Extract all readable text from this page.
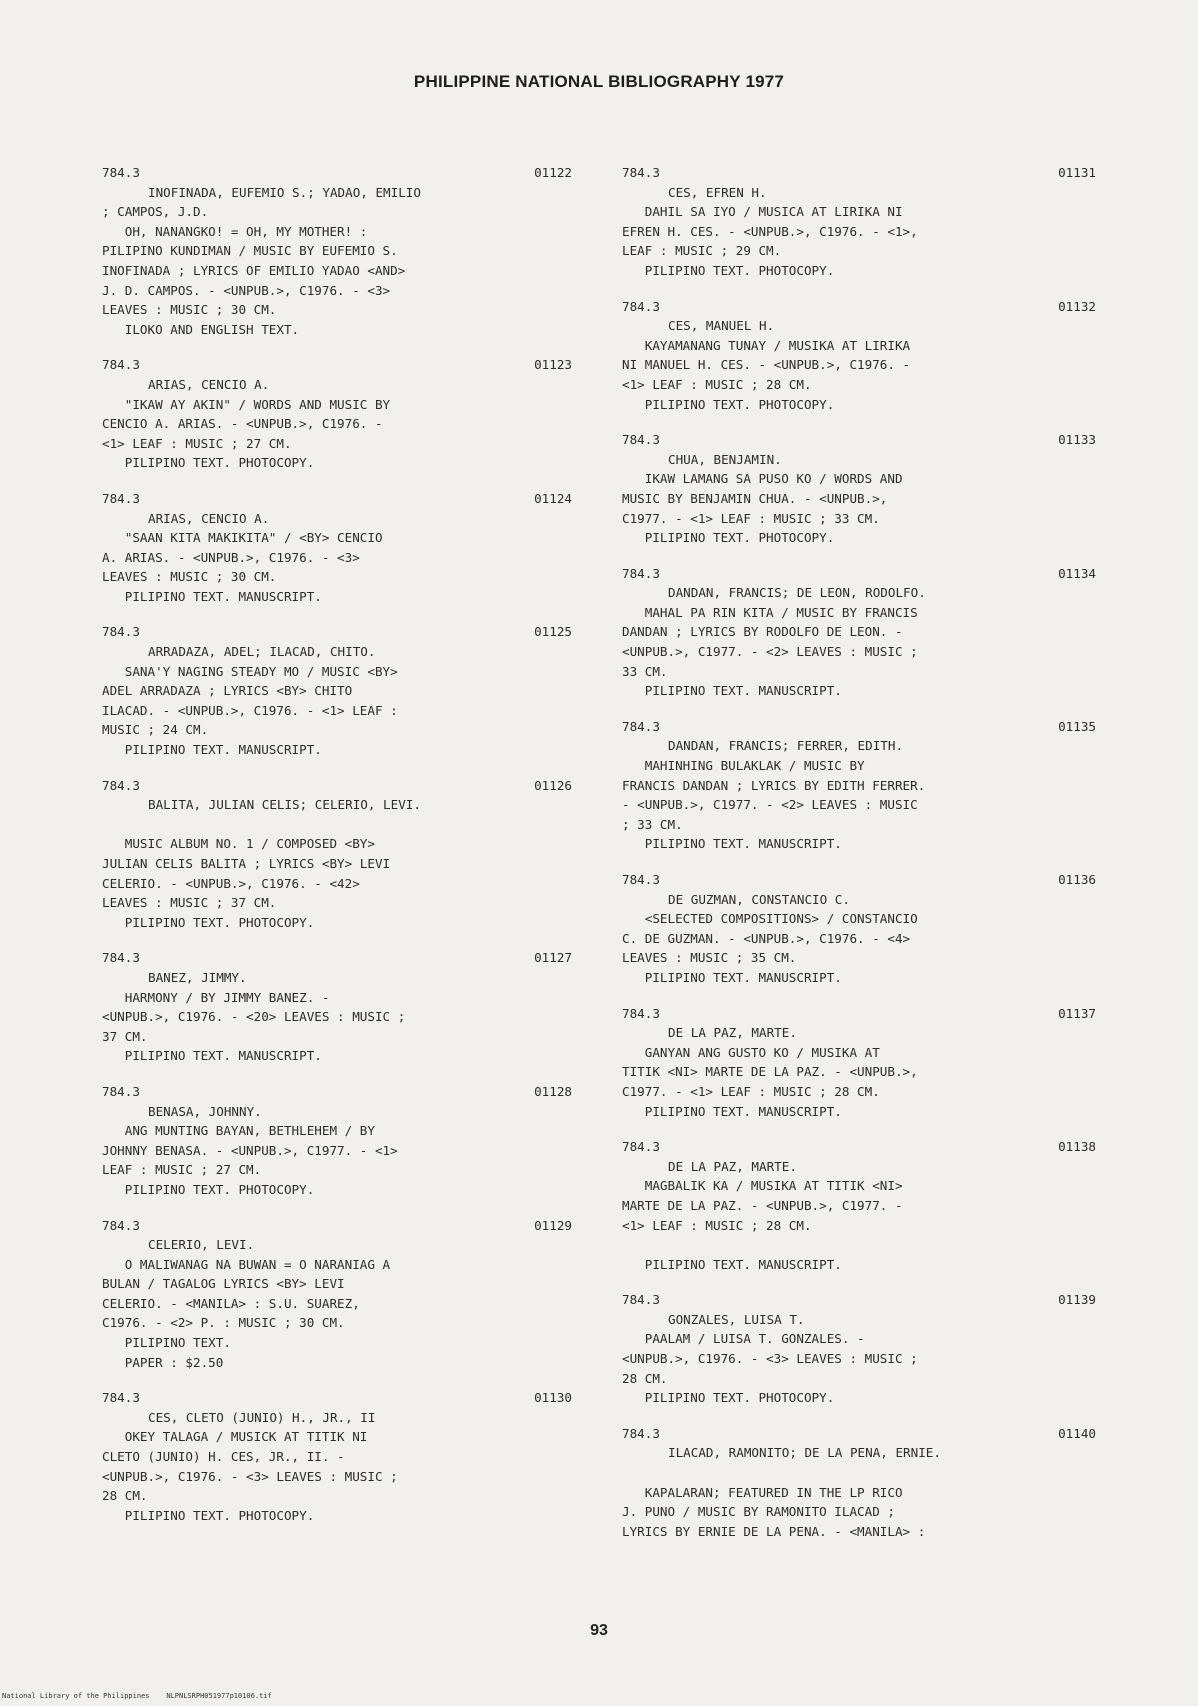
PHILIPPINE NATIONAL BIBLIOGRAPHY 1977
784.3	01122
INOFINADA, EUFEMIO S.; YADAO, EMILIO
; CAMPOS, J.D.
OH, NANANGKO! = OH, MY MOTHER! :
PILIPINO KUNDIMAN / MUSIC BY EUFEMIO S.
INOFINADA ; LYRICS OF EMILIO YADAO <AND>
J. D. CAMPOS. - <UNPUB.>, C1976. - <3>
LEAVES : MUSIC ; 30 CM.
ILOKO AND ENGLISH TEXT.
784.3	01123
ARIAS, CENCIO A.
"IKAW AY AKIN" / WORDS AND MUSIC BY
CENCIO A. ARIAS. - <UNPUB.>, C1976. -
<1> LEAF : MUSIC ; 27 CM.
PILIPINO TEXT. PHOTOCOPY.
784.3	01124
ARIAS, CENCIO A.
"SAAN KITA MAKIKITA" / <BY> CENCIO
A. ARIAS. - <UNPUB.>, C1976. - <3>
LEAVES : MUSIC ; 30 CM.
PILIPINO TEXT. MANUSCRIPT.
784.3	01125
ARRADAZA, ADEL; ILACAD, CHITO.
SANA'Y NAGING STEADY MO / MUSIC <BY>
ADEL ARRADAZA ; LYRICS <BY> CHITO
ILACAD. - <UNPUB.>, C1976. - <1> LEAF :
MUSIC ; 24 CM.
PILIPINO TEXT. MANUSCRIPT.
784.3	01126
BALITA, JULIAN CELIS; CELERIO, LEVI.
MUSIC ALBUM NO. 1 / COMPOSED <BY>
JULIAN CELIS BALITA ; LYRICS <BY> LEVI
CELERIO. - <UNPUB.>, C1976. - <42>
LEAVES : MUSIC ; 37 CM.
PILIPINO TEXT. PHOTOCOPY.
784.3	01127
BANEZ, JIMMY.
HARMONY / BY JIMMY BANEZ. -
<UNPUB.>, C1976. - <20> LEAVES : MUSIC ;
37 CM.
PILIPINO TEXT. MANUSCRIPT.
784.3	01128
BENASA, JOHNNY.
ANG MUNTING BAYAN, BETHLEHEM / BY
JOHNNY BENASA. - <UNPUB.>, C1977. - <1>
LEAF : MUSIC ; 27 CM.
PILIPINO TEXT. PHOTOCOPY.
784.3	01129
CELERIO, LEVI.
O MALIWANAG NA BUWAN = O NARANIAG A
BULAN / TAGALOG LYRICS <BY> LEVI
CELERIO. - <MANILA> : S.U. SUAREZ,
C1976. - <2> P. : MUSIC ; 30 CM.
PILIPINO TEXT.
PAPER : $2.50
784.3	01130
CES, CLETO (JUNIO) H., JR., II
OKEY TALAGA / MUSICK AT TITIK NI
CLETO (JUNIO) H. CES, JR., II. -
<UNPUB.>, C1976. - <3> LEAVES : MUSIC ;
28 CM.
PILIPINO TEXT. PHOTOCOPY.
784.3	01131
CES, EFREN H.
DAHIL SA IYO / MUSICA AT LIRIKA NI
EFREN H. CES. - <UNPUB.>, C1976. - <1>,
LEAF : MUSIC ; 29 CM.
PILIPINO TEXT. PHOTOCOPY.
784.3	01132
CES, MANUEL H.
KAYAMANANG TUNAY / MUSIKA AT LIRIKA
NI MANUEL H. CES. - <UNPUB.>, C1976. -
<1> LEAF : MUSIC ; 28 CM.
PILIPINO TEXT. PHOTOCOPY.
784.3	01133
CHUA, BENJAMIN.
IKAW LAMANG SA PUSO KO / WORDS AND
MUSIC BY BENJAMIN CHUA. - <UNPUB.>,
C1977. - <1> LEAF : MUSIC ; 33 CM.
PILIPINO TEXT. PHOTOCOPY.
784.3	01134
DANDAN, FRANCIS; DE LEON, RODOLFO.
MAHAL PA RIN KITA / MUSIC BY FRANCIS
DANDAN ; LYRICS BY RODOLFO DE LEON. -
<UNPUB.>, C1977. - <2> LEAVES : MUSIC ;
33 CM.
PILIPINO TEXT. MANUSCRIPT.
784.3	01135
DANDAN, FRANCIS; FERRER, EDITH.
MAHINHING BULAKLAK / MUSIC BY
FRANCIS DANDAN ; LYRICS BY EDITH FERRER.
- <UNPUB.>, C1977. - <2> LEAVES : MUSIC
; 33 CM.
PILIPINO TEXT. MANUSCRIPT.
784.3	01136
DE GUZMAN, CONSTANCIO C.
<SELECTED COMPOSITIONS> / CONSTANCIO
C. DE GUZMAN. - <UNPUB.>, C1976. - <4>
LEAVES : MUSIC ; 35 CM.
PILIPINO TEXT. MANUSCRIPT.
784.3	01137
DE LA PAZ, MARTE.
GANYAN ANG GUSTO KO / MUSIKA AT
TITIK <NI> MARTE DE LA PAZ. - <UNPUB.>,
C1977. - <1> LEAF : MUSIC ; 28 CM.
PILIPINO TEXT. MANUSCRIPT.
784.3	01138
DE LA PAZ, MARTE.
MAGBALIK KA / MUSIKA AT TITIK <NI>
MARTE DE LA PAZ. - <UNPUB.>, C1977. -
<1> LEAF : MUSIC ; 28 CM.
PILIPINO TEXT. MANUSCRIPT.
784.3	01139
GONZALES, LUISA T.
PAALAM / LUISA T. GONZALES. -
<UNPUB.>, C1976. - <3> LEAVES : MUSIC ;
28 CM.
PILIPINO TEXT. PHOTOCOPY.
784.3	01140
ILACAD, RAMONITO; DE LA PENA, ERNIE.
KAPALARAN; FEATURED IN THE LP RICO
J. PUNO / MUSIC BY RAMONITO ILACAD ;
LYRICS BY ERNIE DE LA PENA. - <MANILA> :
93
National Library of the Philippines    NLPNLSRPH051977p10106.tif
